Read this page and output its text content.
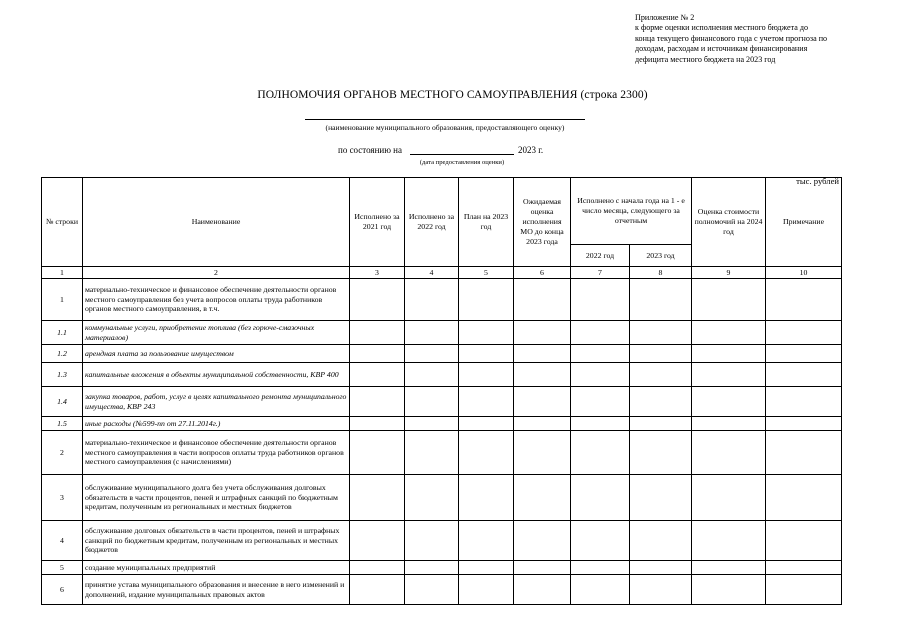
Приложение № 2
к форме оценки исполнения местного бюджета до
конца текущего финансового года с учетом прогноза по
доходам, расходам и источникам финансирования
дефицита местного бюджета на 2023 год
ПОЛНОМОЧИЯ ОРГАНОВ МЕСТНОГО САМОУПРАВЛЕНИЯ (строка 2300)
(наименование муниципального образования, предоставляющего оценку)
по состоянию на	2023 г.
(дата предоставления оценки)
тыс. рублей
№ строки	Наименование	Исполнено за 2021 год	Исполнено за 2022 год	План на 2023 год	Ожидаемая оценка исполнения МО до конца 2023 года	Исполнено с начала года на 1 - е число месяца, следующего за отчетным		Оценка стоимости полномочий на 2024 год	Примечание
						2022 год	2023 год		
1	2	3	4	5	6	7	8	9	10
1	материально-техническое и финансовое обеспечение деятельности органов местного самоуправления без учета вопросов оплаты труда работников органов местного самоуправления, в т.ч.								
1.1	коммунальные услуги, приобретение топлива (без горюче-смазочных материалов)								
1.2	арендная плата за пользование имуществом								
1.3	капитальные вложения в объекты муниципальной собственности, КВР 400								
1.4	закупка товаров, работ, услуг в целях капитального ремонта муниципального имущества, КВР 243								
1.5	иные расходы (№599-пп от 27.11.2014г.)								
2	материально-техническое и финансовое обеспечение деятельности органов местного самоуправления в части вопросов оплаты труда работников органов местного самоуправления (с начислениями)								
3	обслуживание муниципального долга без учета обслуживания долговых обязательств в части процентов, пеней и штрафных санкций по бюджетным кредитам, полученным из региональных и местных бюджетов								
4	обслуживание долговых обязательств в части процентов, пеней и штрафных санкций по бюджетным кредитам, полученным из региональных и местных бюджетов								
5	создание муниципальных предприятий								
6	принятие устава муниципального образования и внесение в него изменений и дополнений, издание муниципальных правовых актов								
